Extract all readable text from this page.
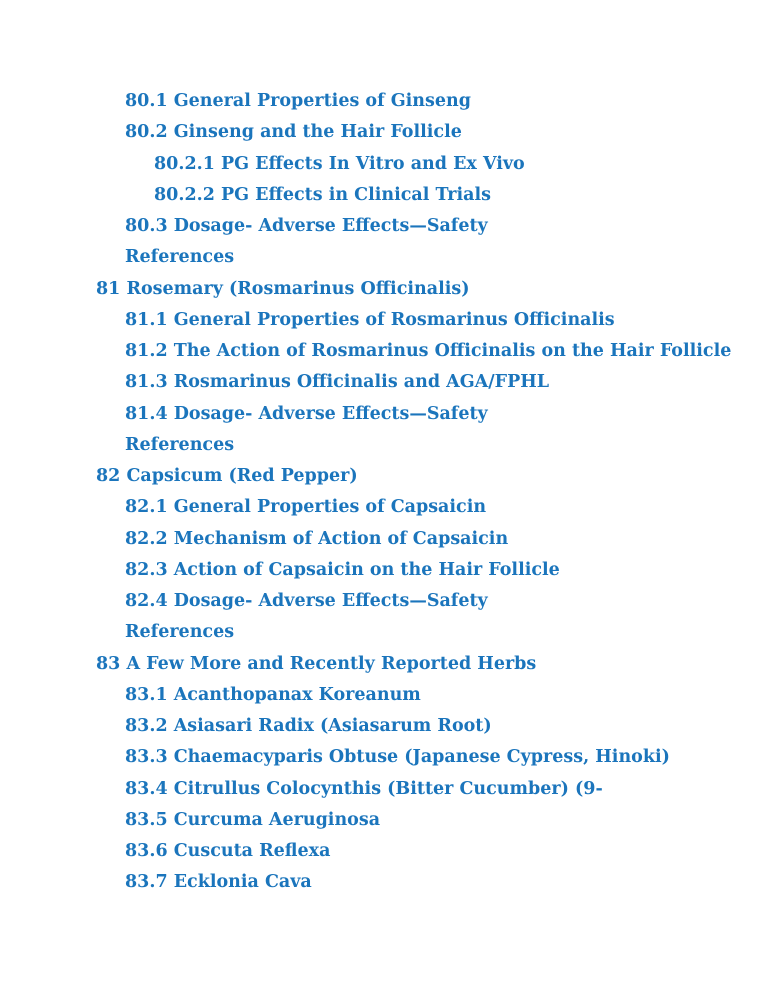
80.1 General Properties of Ginseng
80.2 Ginseng and the Hair Follicle
80.2.1 PG Effects In Vitro and Ex Vivo
80.2.2 PG Effects in Clinical Trials
80.3 Dosage- Adverse Effects—Safety
References
81 Rosemary (Rosmarinus Officinalis)
81.1 General Properties of Rosmarinus Officinalis
81.2 The Action of Rosmarinus Officinalis on the Hair Follicle
81.3 Rosmarinus Officinalis and AGA/FPHL
81.4 Dosage- Adverse Effects—Safety
References
82 Capsicum (Red Pepper)
82.1 General Properties of Capsaicin
82.2 Mechanism of Action of Capsaicin
82.3 Action of Capsaicin on the Hair Follicle
82.4 Dosage- Adverse Effects—Safety
References
83 A Few More and Recently Reported Herbs
83.1 Acanthopanax Koreanum
83.2 Asiasari Radix (Asiasarum Root)
83.3 Chaemacyparis Obtuse (Japanese Cypress, Hinoki)
83.4 Citrullus Colocynthis (Bitter Cucumber) (9-
83.5 Curcuma Aeruginosa
83.6 Cuscuta Reflexa
83.7 Ecklonia Cava
